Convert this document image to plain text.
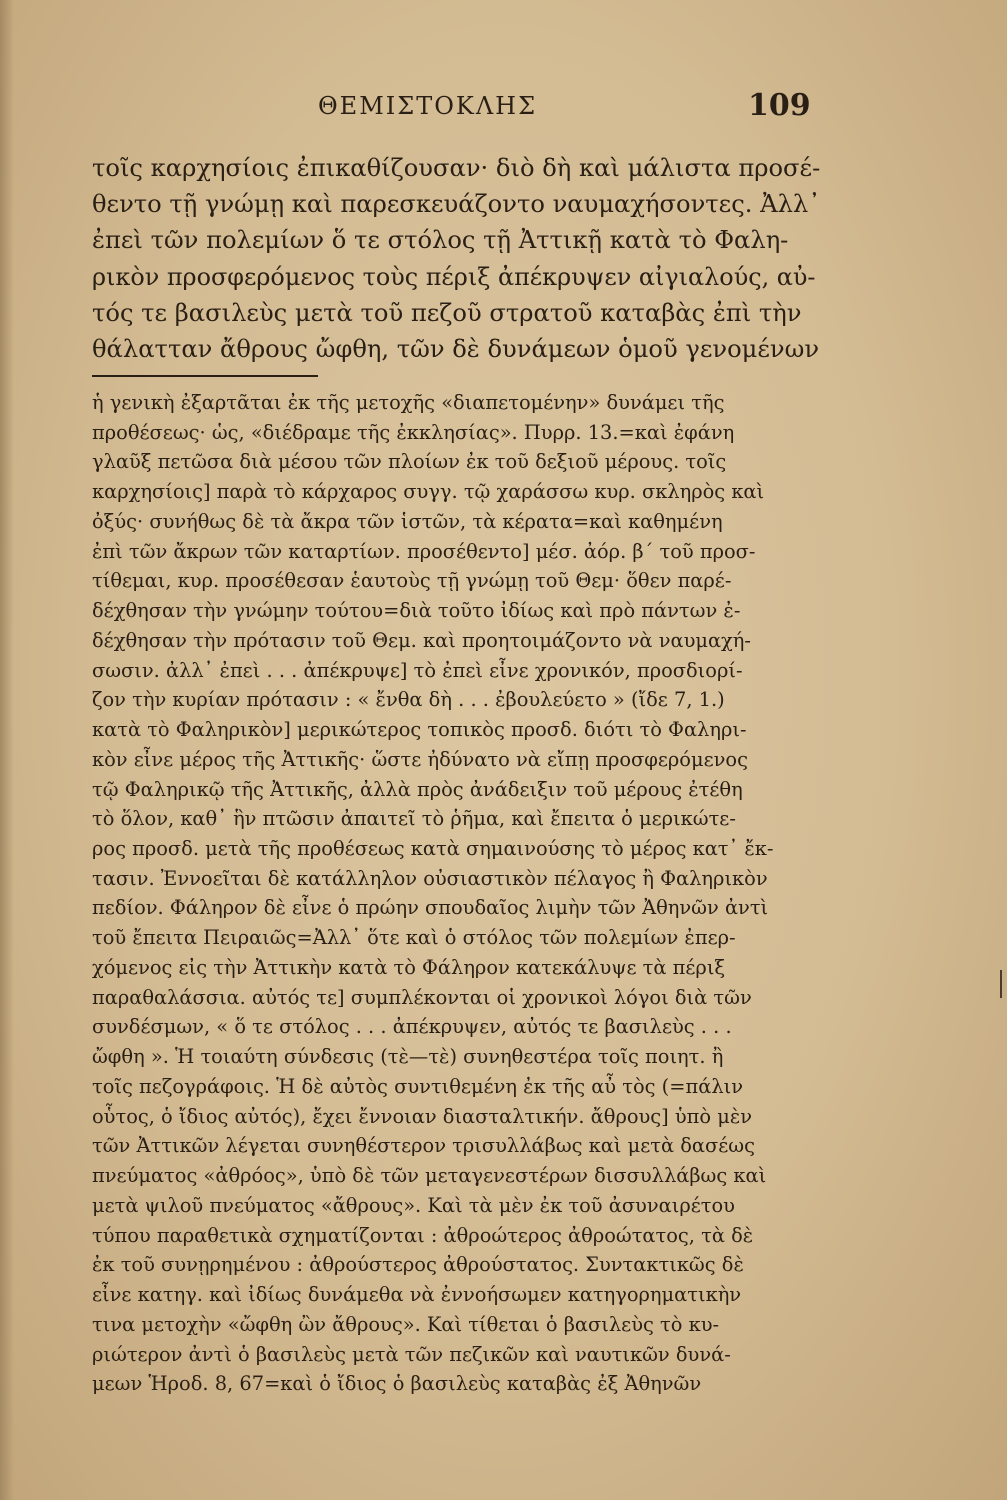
ΘΕΜΙΣΤΟΚΛΗΣ	109
τοῖς καρχησίοις ἐπικαθίζουσαν· διὸ δὴ καὶ μάλιστα προσέ-
θεντο τῇ γνώμῃ καὶ παρεσκευάζοντο ναυμαχήσοντες. Ἀλλ᾽
ἐπεὶ τῶν πολεμίων ὅ τε στόλος τῇ Ἀττικῇ κατὰ τὸ Φαλη-
ρικὸν προσφερόμενος τοὺς πέριξ ἀπέκρυψεν αἰγιαλούς, αὐ-
τός τε βασιλεὺς μετὰ τοῦ πεζοῦ στρατοῦ καταβὰς ἐπὶ τὴν
θάλατταν ἄθρους ὤφθη, τῶν δὲ δυνάμεων ὁμοῦ γενομένων
ἡ γενικὴ ἐξαρτᾶται ἐκ τῆς μετοχῆς «διαπετομένην» δυνάμει τῆς
προθέσεως· ὡς, «διέδραμε τῆς ἐκκλησίας». Πυρρ. 13.=καὶ ἐφάνη
γλαῦξ πετῶσα διὰ μέσου τῶν πλοίων ἐκ τοῦ δεξιοῦ μέρους. τοῖς
καρχησίοις] παρὰ τὸ κάρχαρος συγγ. τῷ χαράσσω κυρ. σκληρὸς καὶ
ὀξύς· συνήθως δὲ τὰ ἄκρα τῶν ἱστῶν, τὰ κέρατα=καὶ καθημένη
ἐπὶ τῶν ἄκρων τῶν καταρτίων. προσέθεντο] μέσ. ἀόρ. β´ τοῦ προσ-
τίθεμαι, κυρ. προσέθεσαν ἑαυτοὺς τῇ γνώμῃ τοῦ Θεμ· ὅθεν παρέ-
δέχθησαν τὴν γνώμην τούτου=διὰ τοῦτο ἰδίως καὶ πρὸ πάντων ἐ-
δέχθησαν τὴν πρότασιν τοῦ Θεμ. καὶ προητοιμάζοντο νὰ ναυμαχή-
σωσιν. ἀλλ᾽ ἐπεὶ . . . ἀπέκρυψε] τὸ ἐπεὶ εἶνε χρονικόν, προσδιορί-
ζον τὴν κυρίαν πρότασιν : « ἔνθα δὴ . . . ἐβουλεύετο » (ἴδε 7, 1.)
κατὰ τὸ Φαληρικὸν] μερικώτερος τοπικὸς προσδ. διότι τὸ Φαληρι-
κὸν εἶνε μέρος τῆς Ἀττικῆς· ὥστε ἠδύνατο νὰ εἴπῃ προσφερόμενος
τῷ Φαληρικῷ τῆς Ἀττικῆς, ἀλλὰ πρὸς ἀνάδειξιν τοῦ μέρους ἐτέθη
τὸ ὅλον, καθ᾽ ἣν πτῶσιν ἀπαιτεῖ τὸ ῥῆμα, καὶ ἔπειτα ὁ μερικώτε-
ρος προσδ. μετὰ τῆς προθέσεως κατὰ σημαινούσης τὸ μέρος κατ᾽ ἔκ-
τασιν. Ἐννοεῖται δὲ κατάλληλον οὐσιαστικὸν πέλαγος ἢ Φαληρικὸν
πεδίον. Φάληρον δὲ εἶνε ὁ πρώην σπουδαῖος λιμὴν τῶν Ἀθηνῶν ἀντὶ
τοῦ ἔπειτα Πειραιῶς=Ἀλλ᾽ ὅτε καὶ ὁ στόλος τῶν πολεμίων ἐπερ-
χόμενος εἰς τὴν Ἀττικὴν κατὰ τὸ Φάληρον κατεκάλυψε τὰ πέριξ
παραθαλάσσια. αὐτός τε] συμπλέκονται οἱ χρονικοὶ λόγοι διὰ τῶν
συνδέσμων, « ὅ τε στόλος . . . ἀπέκρυψεν, αὐτός τε βασιλεὺς . . .
ὤφθη ». Ἡ τοιαύτη σύνδεσις (τὲ—τὲ) συνηθεστέρα τοῖς ποιητ. ἢ
τοῖς πεζογράφοις. Ἡ δὲ αὐτὸς συντιθεμένη ἐκ τῆς αὖ τὸς (=πάλιν
οὗτος, ὁ ἴδιος αὐτός), ἔχει ἔννοιαν διασταλτικήν. ἄθρους] ὑπὸ μὲν
τῶν Ἀττικῶν λέγεται συνηθέστερον τρισυλλάβως καὶ μετὰ δασέως
πνεύματος «ἀθρόος», ὑπὸ δὲ τῶν μεταγενεστέρων δισσυλλάβως καὶ
μετὰ ψιλοῦ πνεύματος «ἄθρους». Καὶ τὰ μὲν ἐκ τοῦ ἀσυναιρέτου
τύπου παραθετικὰ σχηματίζονται : ἀθροώτερος ἀθροώτατος, τὰ δὲ
ἐκ τοῦ συνῃρημένου : ἀθρούστερος ἀθρούστατος. Συντακτικῶς δὲ
εἶνε κατηγ. καὶ ἰδίως δυνάμεθα νὰ ἐννοήσωμεν κατηγορηματικὴν
τινα μετοχὴν «ὤφθη ὢν ἄθρους». Καὶ τίθεται ὁ βασιλεὺς τὸ κυ-
ριώτερον ἀντὶ ὁ βασιλεὺς μετὰ τῶν πεζικῶν καὶ ναυτικῶν δυνά-
μεων Ἡροδ. 8, 67=καὶ ὁ ἴδιος ὁ βασιλεὺς καταβὰς ἐξ Ἀθηνῶν
